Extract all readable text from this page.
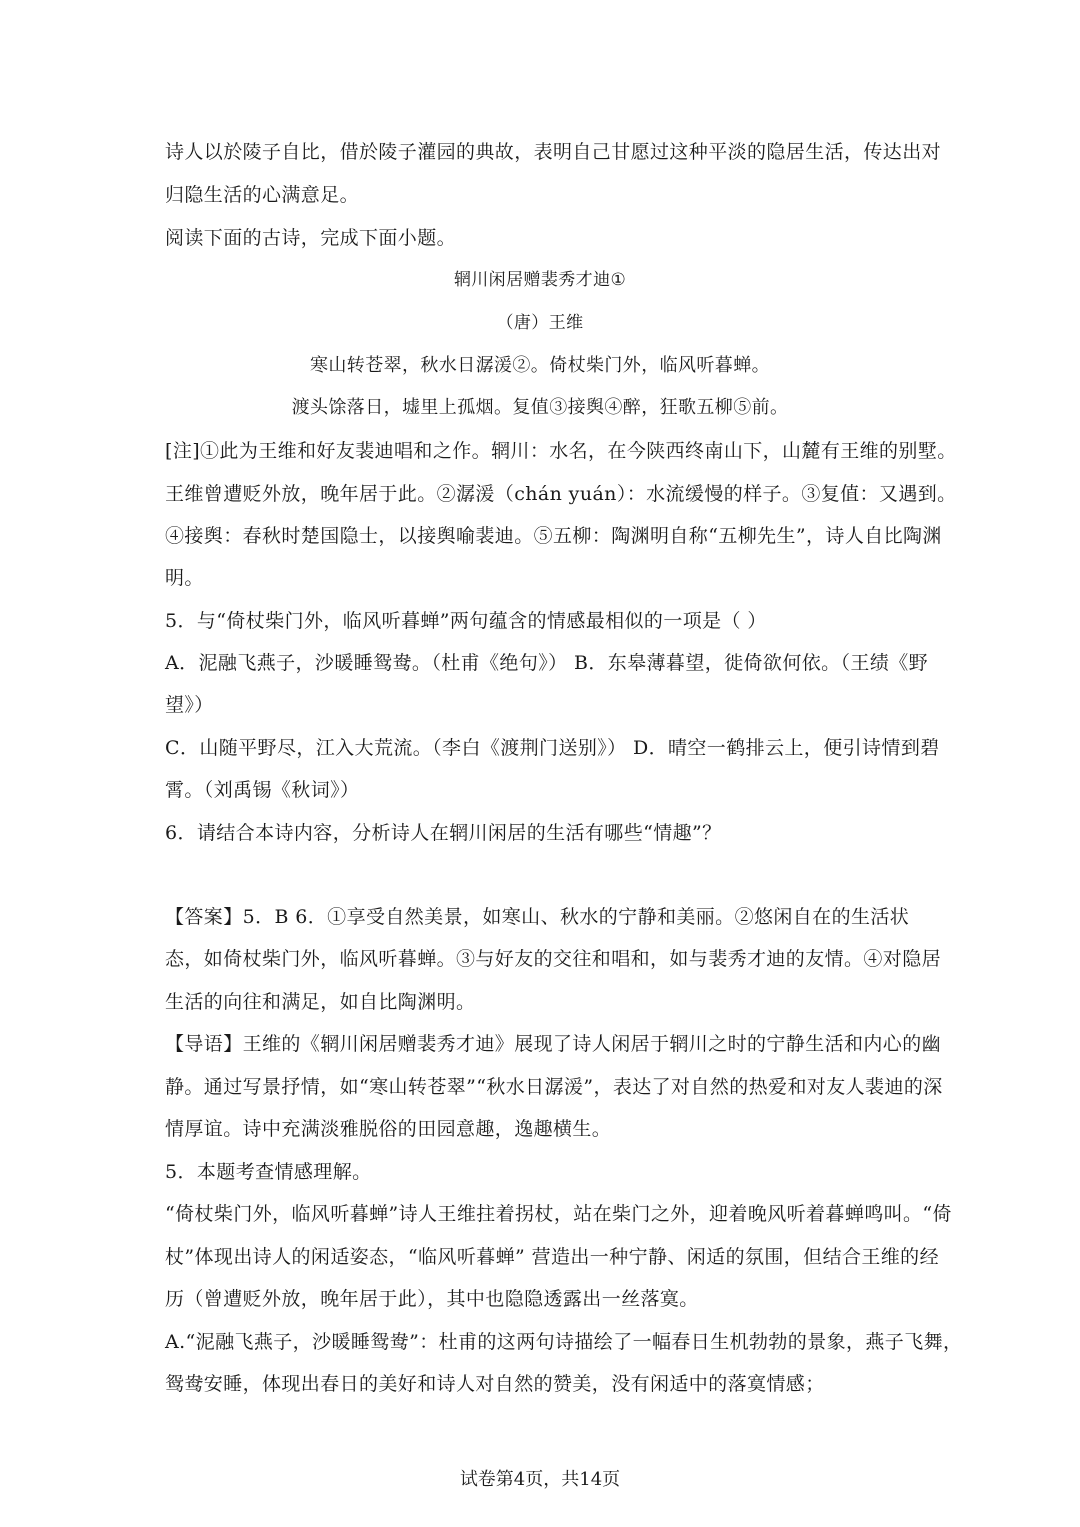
诗人以於陵子自比，借於陵子灌园的典故，表明自己甘愿过这种平淡的隐居生活，传达出对
归隐生活的心满意足。
阅读下面的古诗，完成下面小题。
辋川闲居赠裴秀才迪①
（唐）王维
寒山转苍翠，秋水日潺湲②。倚杖柴门外，临风听暮蝉。
渡头馀落日，墟里上孤烟。复值③接舆④醉，狂歌五柳⑤前。
[注]①此为王维和好友裴迪唱和之作。辋川：水名，在今陕西终南山下，山麓有王维的别墅。
王维曾遭贬外放，晚年居于此。②潺湲（chán yuán）：水流缓慢的样子。③复值：又遇到。
④接舆：春秋时楚国隐士，以接舆喻裴迪。⑤五柳：陶渊明自称“五柳先生”，诗人自比陶渊
明。
5．与“倚杖柴门外，临风听暮蝉”两句蕴含的情感最相似的一项是（ ）
A．泥融飞燕子，沙暖睡鸳鸯。（杜甫《绝句》） B．东皋薄暮望，徙倚欲何依。（王绩《野
望》）
C．山随平野尽，江入大荒流。（李白《渡荆门送别》） D．晴空一鹤排云上，便引诗情到碧
霄。（刘禹锡《秋词》）
6．请结合本诗内容，分析诗人在辋川闲居的生活有哪些“情趣”？
【答案】5．B 6．①享受自然美景，如寒山、秋水的宁静和美丽。②悠闲自在的生活状
态，如倚杖柴门外，临风听暮蝉。③与好友的交往和唱和，如与裴秀才迪的友情。④对隐居
生活的向往和满足，如自比陶渊明。
【导语】王维的《辋川闲居赠裴秀才迪》展现了诗人闲居于辋川之时的宁静生活和内心的幽
静。通过写景抒情，如“寒山转苍翠”“秋水日潺湲”，表达了对自然的热爱和对友人裴迪的深
情厚谊。诗中充满淡雅脱俗的田园意趣，逸趣横生。
5．本题考查情感理解。
“倚杖柴门外，临风听暮蝉”诗人王维拄着拐杖，站在柴门之外，迎着晚风听着暮蝉鸣叫。“倚
杖”体现出诗人的闲适姿态，“临风听暮蝉” 营造出一种宁静、闲适的氛围，但结合王维的经
历（曾遭贬外放，晚年居于此），其中也隐隐透露出一丝落寞。
A.“泥融飞燕子，沙暖睡鸳鸯”：杜甫的这两句诗描绘了一幅春日生机勃勃的景象，燕子飞舞，
鸳鸯安睡，体现出春日的美好和诗人对自然的赞美，没有闲适中的落寞情感；
试卷第4页，共14页
